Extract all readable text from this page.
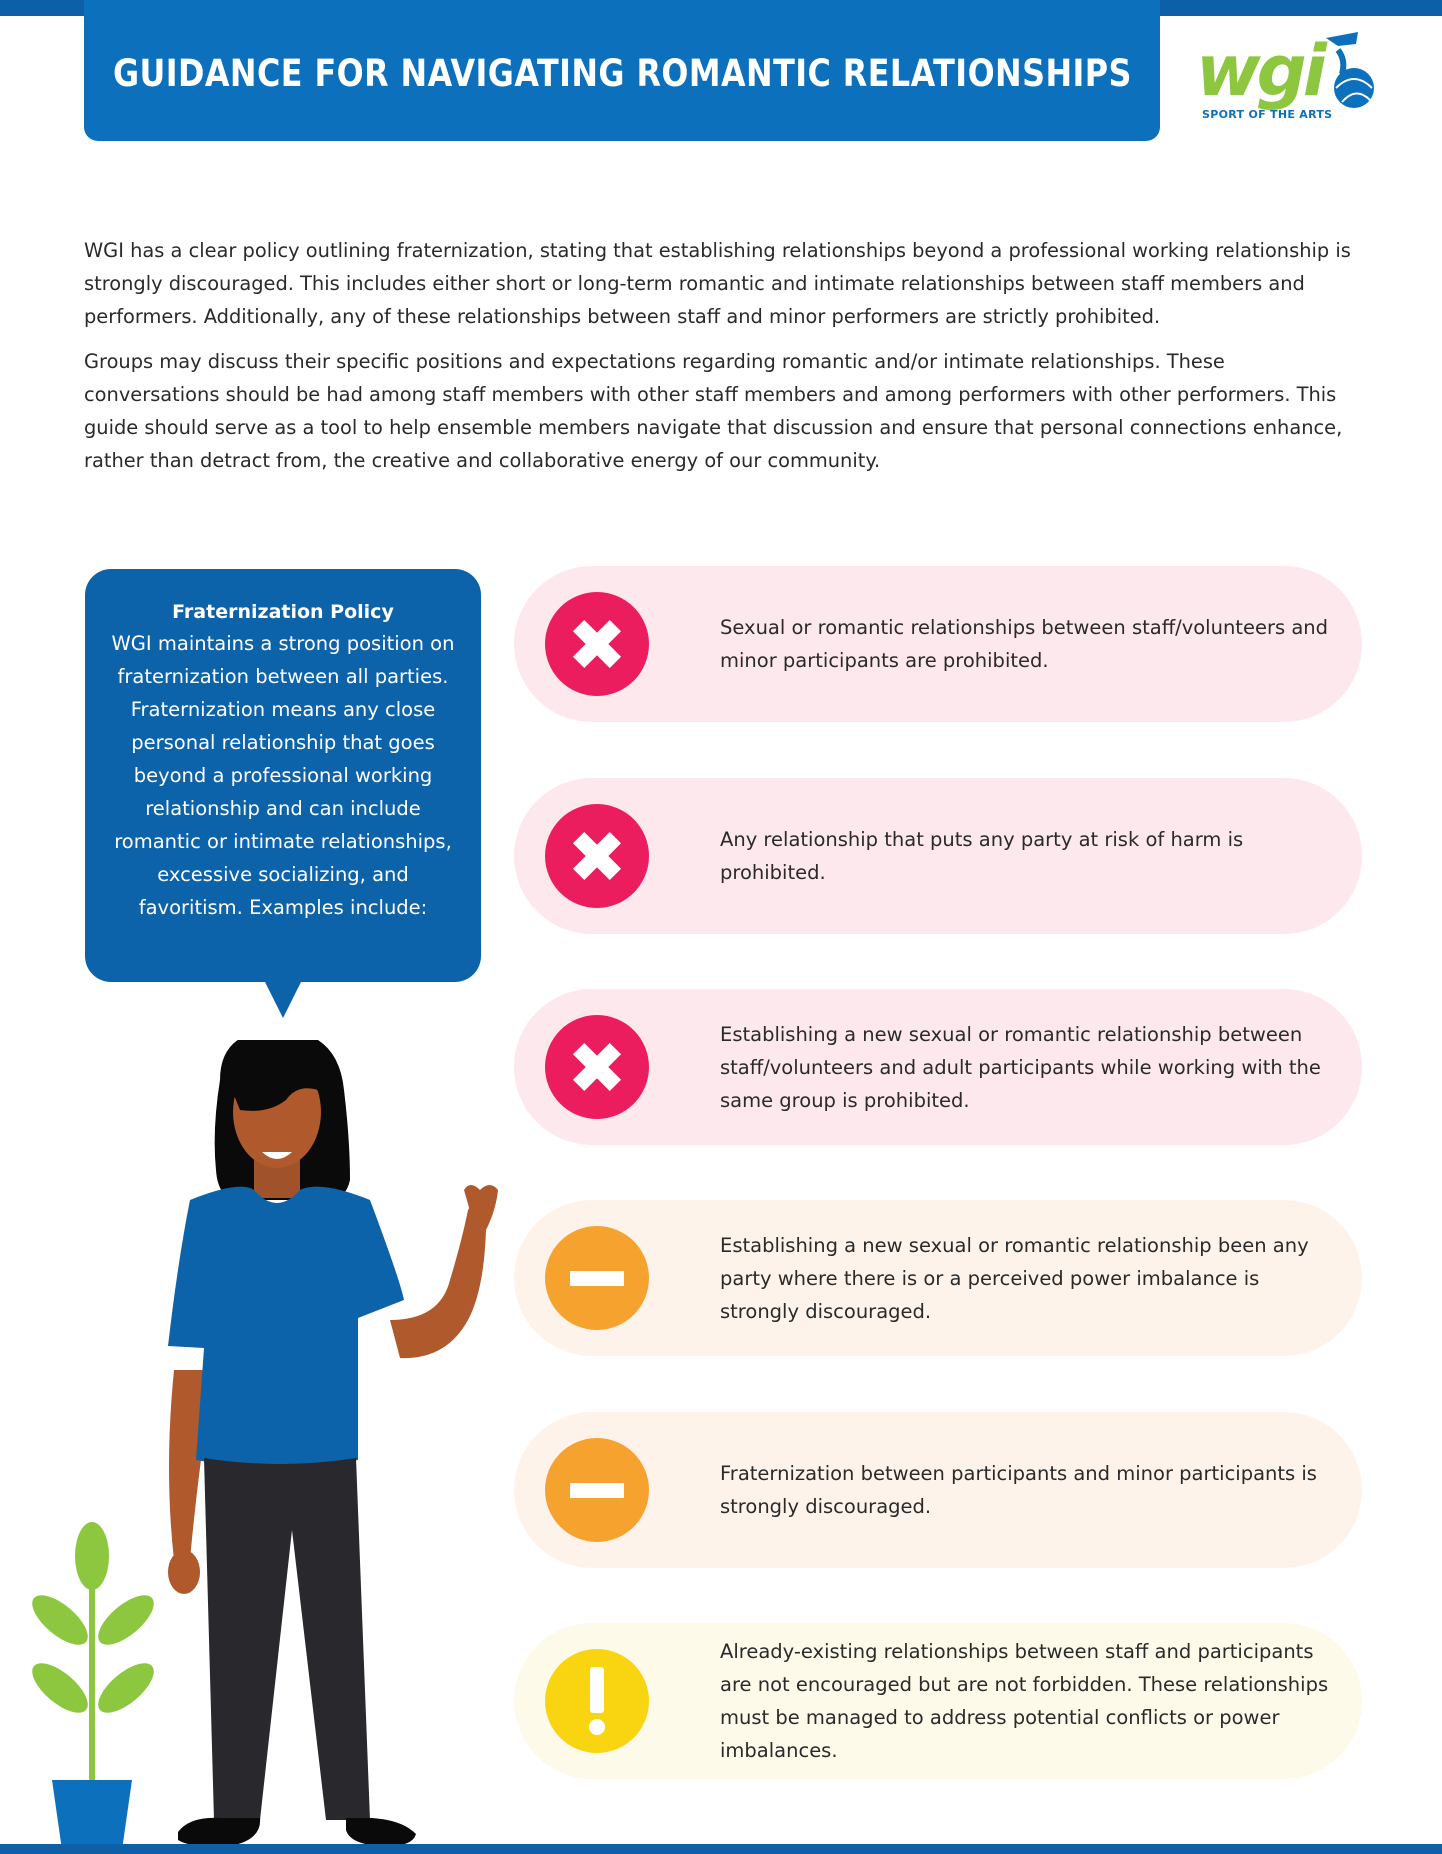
GUIDANCE FOR NAVIGATING ROMANTIC RELATIONSHIPS wgi
SPORT OF THE ARTS

WGI has a clear policy outlining fraternization, stating that establishing relationships beyond a professional working relationship is strongly discouraged. This includes either short or long-term romantic and intimate relationships between staff members and performers. Additionally, any of these relationships between staff and minor performers are strictly prohibited.

Groups may discuss their specific positions and expectations regarding romantic and/or intimate relationships. These conversations should be had among staff members with other staff members and among performers with other performers. This guide should serve as a tool to help ensemble members navigate that discussion and ensure that personal connections enhance, rather than detract from, the creative and collaborative energy of our community.

Fraternization Policy
WGI maintains a strong position on fraternization between all parties. Fraternization means any close personal relationship that goes beyond a professional working relationship and can include romantic or intimate relationships, excessive socializing, and favoritism. Examples include:
Sexual or romantic relationships between staff/volunteers and minor participants are prohibited.
Any relationship that puts any party at risk of harm is prohibited.
Establishing a new sexual or romantic relationship between staff/volunteers and adult participants while working with the same group is prohibited.
Establishing a new sexual or romantic relationship been any party where there is or a perceived power imbalance is strongly discouraged.
Fraternization between participants and minor participants is strongly discouraged.
Already-existing relationships between staff and participants are not encouraged but are not forbidden. These relationships must be managed to address potential conflicts or power imbalances.
